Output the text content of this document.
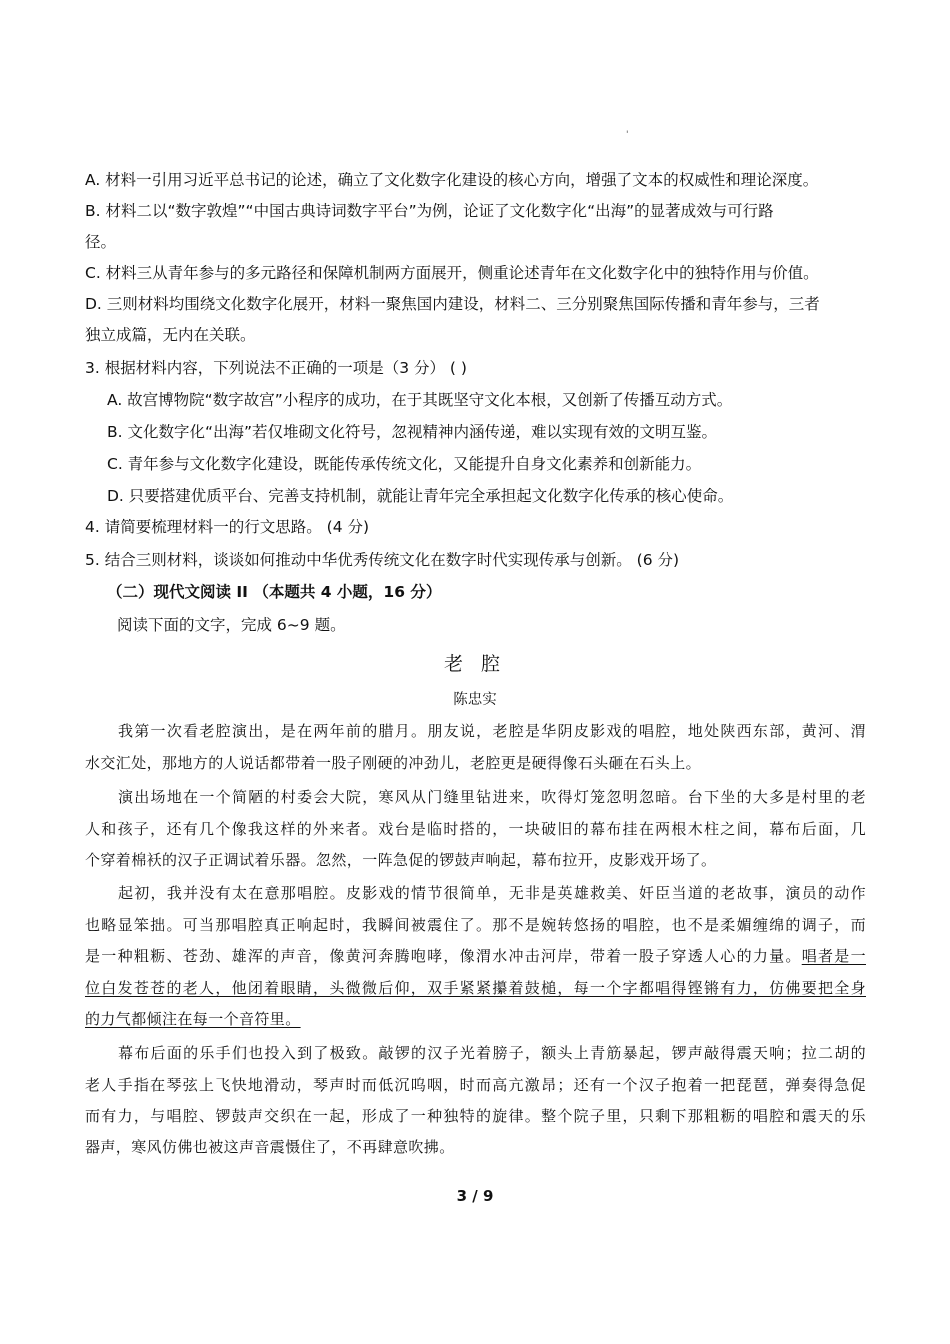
'
A. 材料一引用习近平总书记的论述，确立了文化数字化建设的核心方向，增强了文本的权威性和理论深度。
B. 材料二以“数字敦煌”“中国古典诗词数字平台”为例，论证了文化数字化“出海”的显著成效与可行路
径。
C. 材料三从青年参与的多元路径和保障机制两方面展开，侧重论述青年在文化数字化中的独特作用与价值。
D. 三则材料均围绕文化数字化展开，材料一聚焦国内建设，材料二、三分别聚焦国际传播和青年参与，三者
独立成篇，无内在关联。
3. 根据材料内容，下列说法不正确的一项是（3 分） ( )
A. 故宫博物院“数字故宫”小程序的成功，在于其既坚守文化本根，又创新了传播互动方式。
B. 文化数字化“出海”若仅堆砌文化符号，忽视精神内涵传递，难以实现有效的文明互鉴。
C. 青年参与文化数字化建设，既能传承传统文化，又能提升自身文化素养和创新能力。
D. 只要搭建优质平台、完善支持机制，就能让青年完全承担起文化数字化传承的核心使命。
4. 请简要梳理材料一的行文思路。 (4 分)
5. 结合三则材料，谈谈如何推动中华优秀传统文化在数字时代实现传承与创新。 (6 分)
（二）现代文阅读 II （本题共 4 小题，16 分）
阅读下面的文字，完成 6~9 题。
老 腔
陈忠实
我第一次看老腔演出，是在两年前的腊月。朋友说，老腔是华阴皮影戏的唱腔，地处陕西东部，黄河、渭
水交汇处，那地方的人说话都带着一股子刚硬的冲劲儿，老腔更是硬得像石头砸在石头上。
演出场地在一个简陋的村委会大院，寒风从门缝里钻进来，吹得灯笼忽明忽暗。台下坐的大多是村里的老
人和孩子，还有几个像我这样的外来者。戏台是临时搭的，一块破旧的幕布挂在两根木柱之间，幕布后面，几
个穿着棉袄的汉子正调试着乐器。忽然，一阵急促的锣鼓声响起，幕布拉开，皮影戏开场了。
起初，我并没有太在意那唱腔。皮影戏的情节很简单，无非是英雄救美、奸臣当道的老故事，演员的动作
也略显笨拙。可当那唱腔真正响起时，我瞬间被震住了。那不是婉转悠扬的唱腔，也不是柔媚缠绵的调子，而
是一种粗粝、苍劲、雄浑的声音，像黄河奔腾咆哮，像渭水冲击河岸，带着一股子穿透人心的力量。唱者是一
位白发苍苍的老人，他闭着眼睛，头微微后仰，双手紧紧攥着鼓槌，每一个字都唱得铿锵有力，仿佛要把全身
的力气都倾注在每一个音符里。
幕布后面的乐手们也投入到了极致。敲锣的汉子光着膀子，额头上青筋暴起，锣声敲得震天响；拉二胡的
老人手指在琴弦上飞快地滑动，琴声时而低沉呜咽，时而高亢激昂；还有一个汉子抱着一把琵琶，弹奏得急促
而有力，与唱腔、锣鼓声交织在一起，形成了一种独特的旋律。整个院子里，只剩下那粗粝的唱腔和震天的乐
器声，寒风仿佛也被这声音震慑住了，不再肆意吹拂。
3 / 9
